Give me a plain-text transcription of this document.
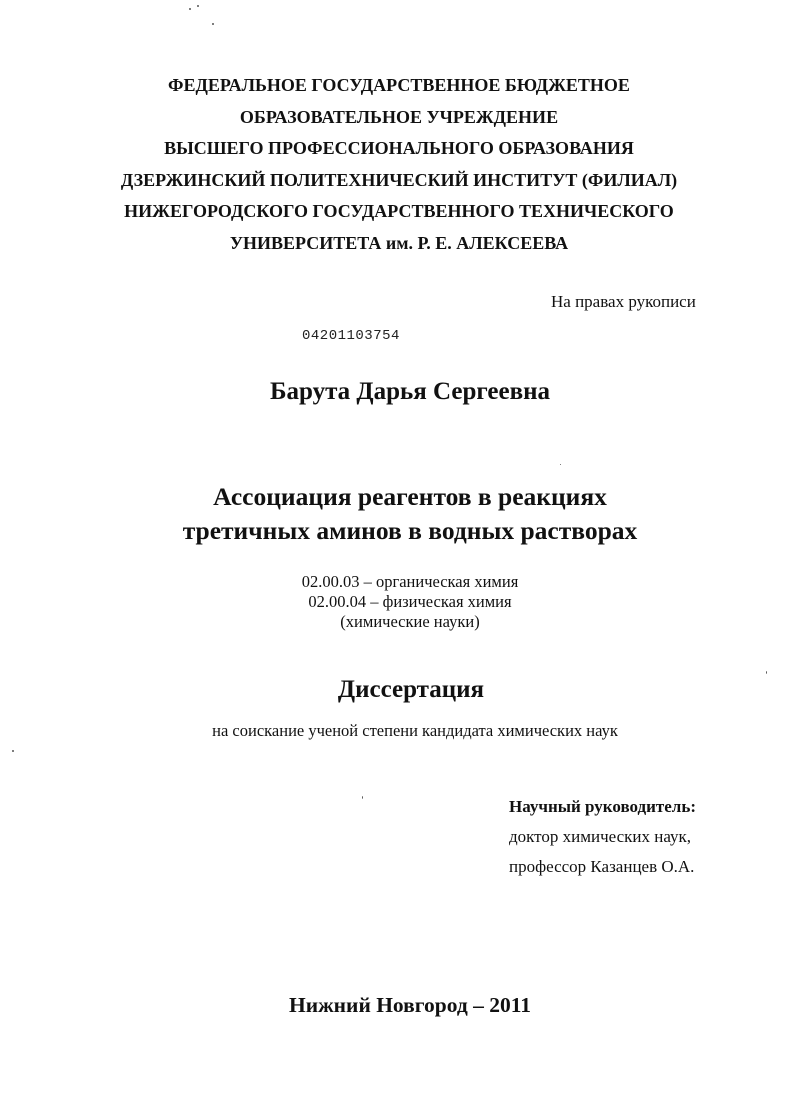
ФЕДЕРАЛЬНОЕ ГОСУДАРСТВЕННОЕ БЮДЖЕТНОЕ
ОБРАЗОВАТЕЛЬНОЕ УЧРЕЖДЕНИЕ
ВЫСШЕГО ПРОФЕССИОНАЛЬНОГО ОБРАЗОВАНИЯ
ДЗЕРЖИНСКИЙ ПОЛИТЕХНИЧЕСКИЙ ИНСТИТУТ (ФИЛИАЛ)
НИЖЕГОРОДСКОГО ГОСУДАРСТВЕННОГО ТЕХНИЧЕСКОГО
УНИВЕРСИТЕТА им. Р. Е. АЛЕКСЕЕВА
На правах рукописи
04201103754
Барута Дарья Сергеевна
Ассоциация реагентов в реакциях
третичных аминов в водных растворах
02.00.03 – органическая химия
02.00.04 – физическая химия
(химические науки)
Диссертация
на соискание ученой степени кандидата химических наук
Научный руководитель:
доктор химических наук,
профессор Казанцев О.А.
Нижний Новгород – 2011
